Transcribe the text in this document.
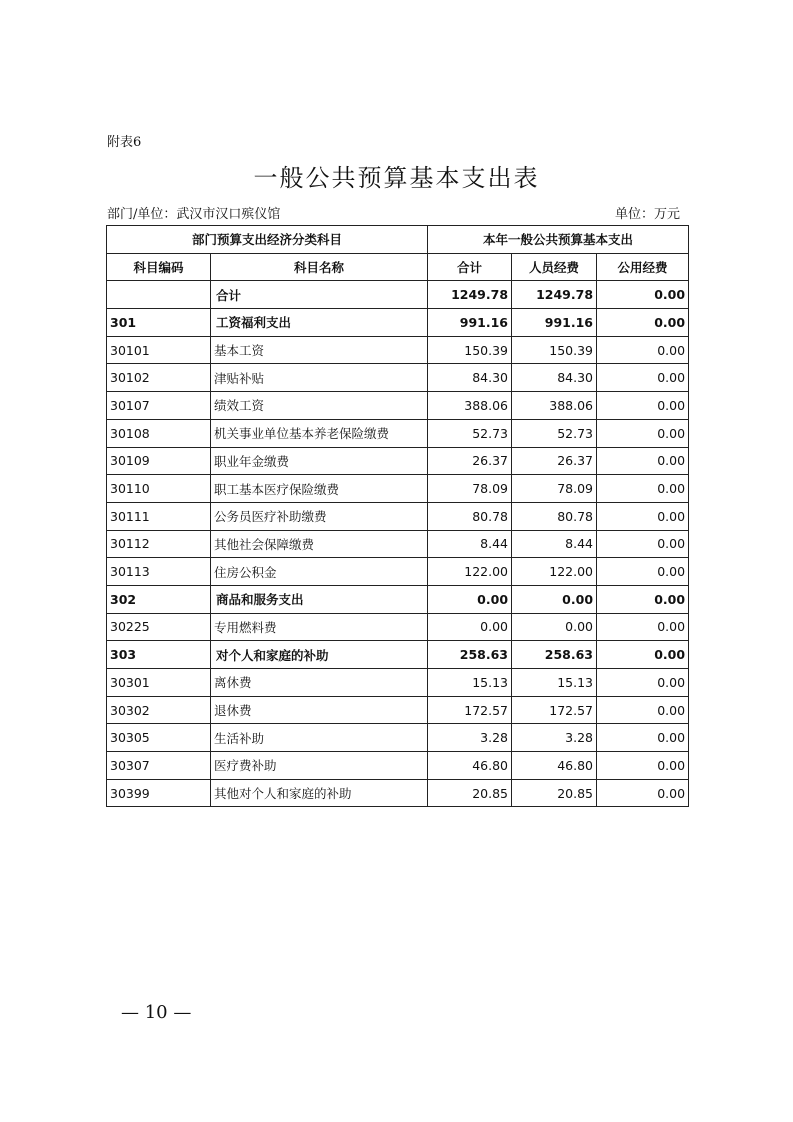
附表6
一般公共预算基本支出表
部门/单位：武汉市汉口殡仪馆	单位：万元
部门预算支出经济分类科目		本年一般公共预算基本支出		
科目编码	科目名称	合计	人员经费	公用经费
	合计	1249.78	1249.78	0.00
301	工资福利支出	991.16	991.16	0.00
30101	基本工资	150.39	150.39	0.00
30102	津贴补贴	84.30	84.30	0.00
30107	绩效工资	388.06	388.06	0.00
30108	机关事业单位基本养老保险缴费	52.73	52.73	0.00
30109	职业年金缴费	26.37	26.37	0.00
30110	职工基本医疗保险缴费	78.09	78.09	0.00
30111	公务员医疗补助缴费	80.78	80.78	0.00
30112	其他社会保障缴费	8.44	8.44	0.00
30113	住房公积金	122.00	122.00	0.00
302	商品和服务支出	0.00	0.00	0.00
30225	专用燃料费	0.00	0.00	0.00
303	对个人和家庭的补助	258.63	258.63	0.00
30301	离休费	15.13	15.13	0.00
30302	退休费	172.57	172.57	0.00
30305	生活补助	3.28	3.28	0.00
30307	医疗费补助	46.80	46.80	0.00
30399	其他对个人和家庭的补助	20.85	20.85	0.00
— 10 —
